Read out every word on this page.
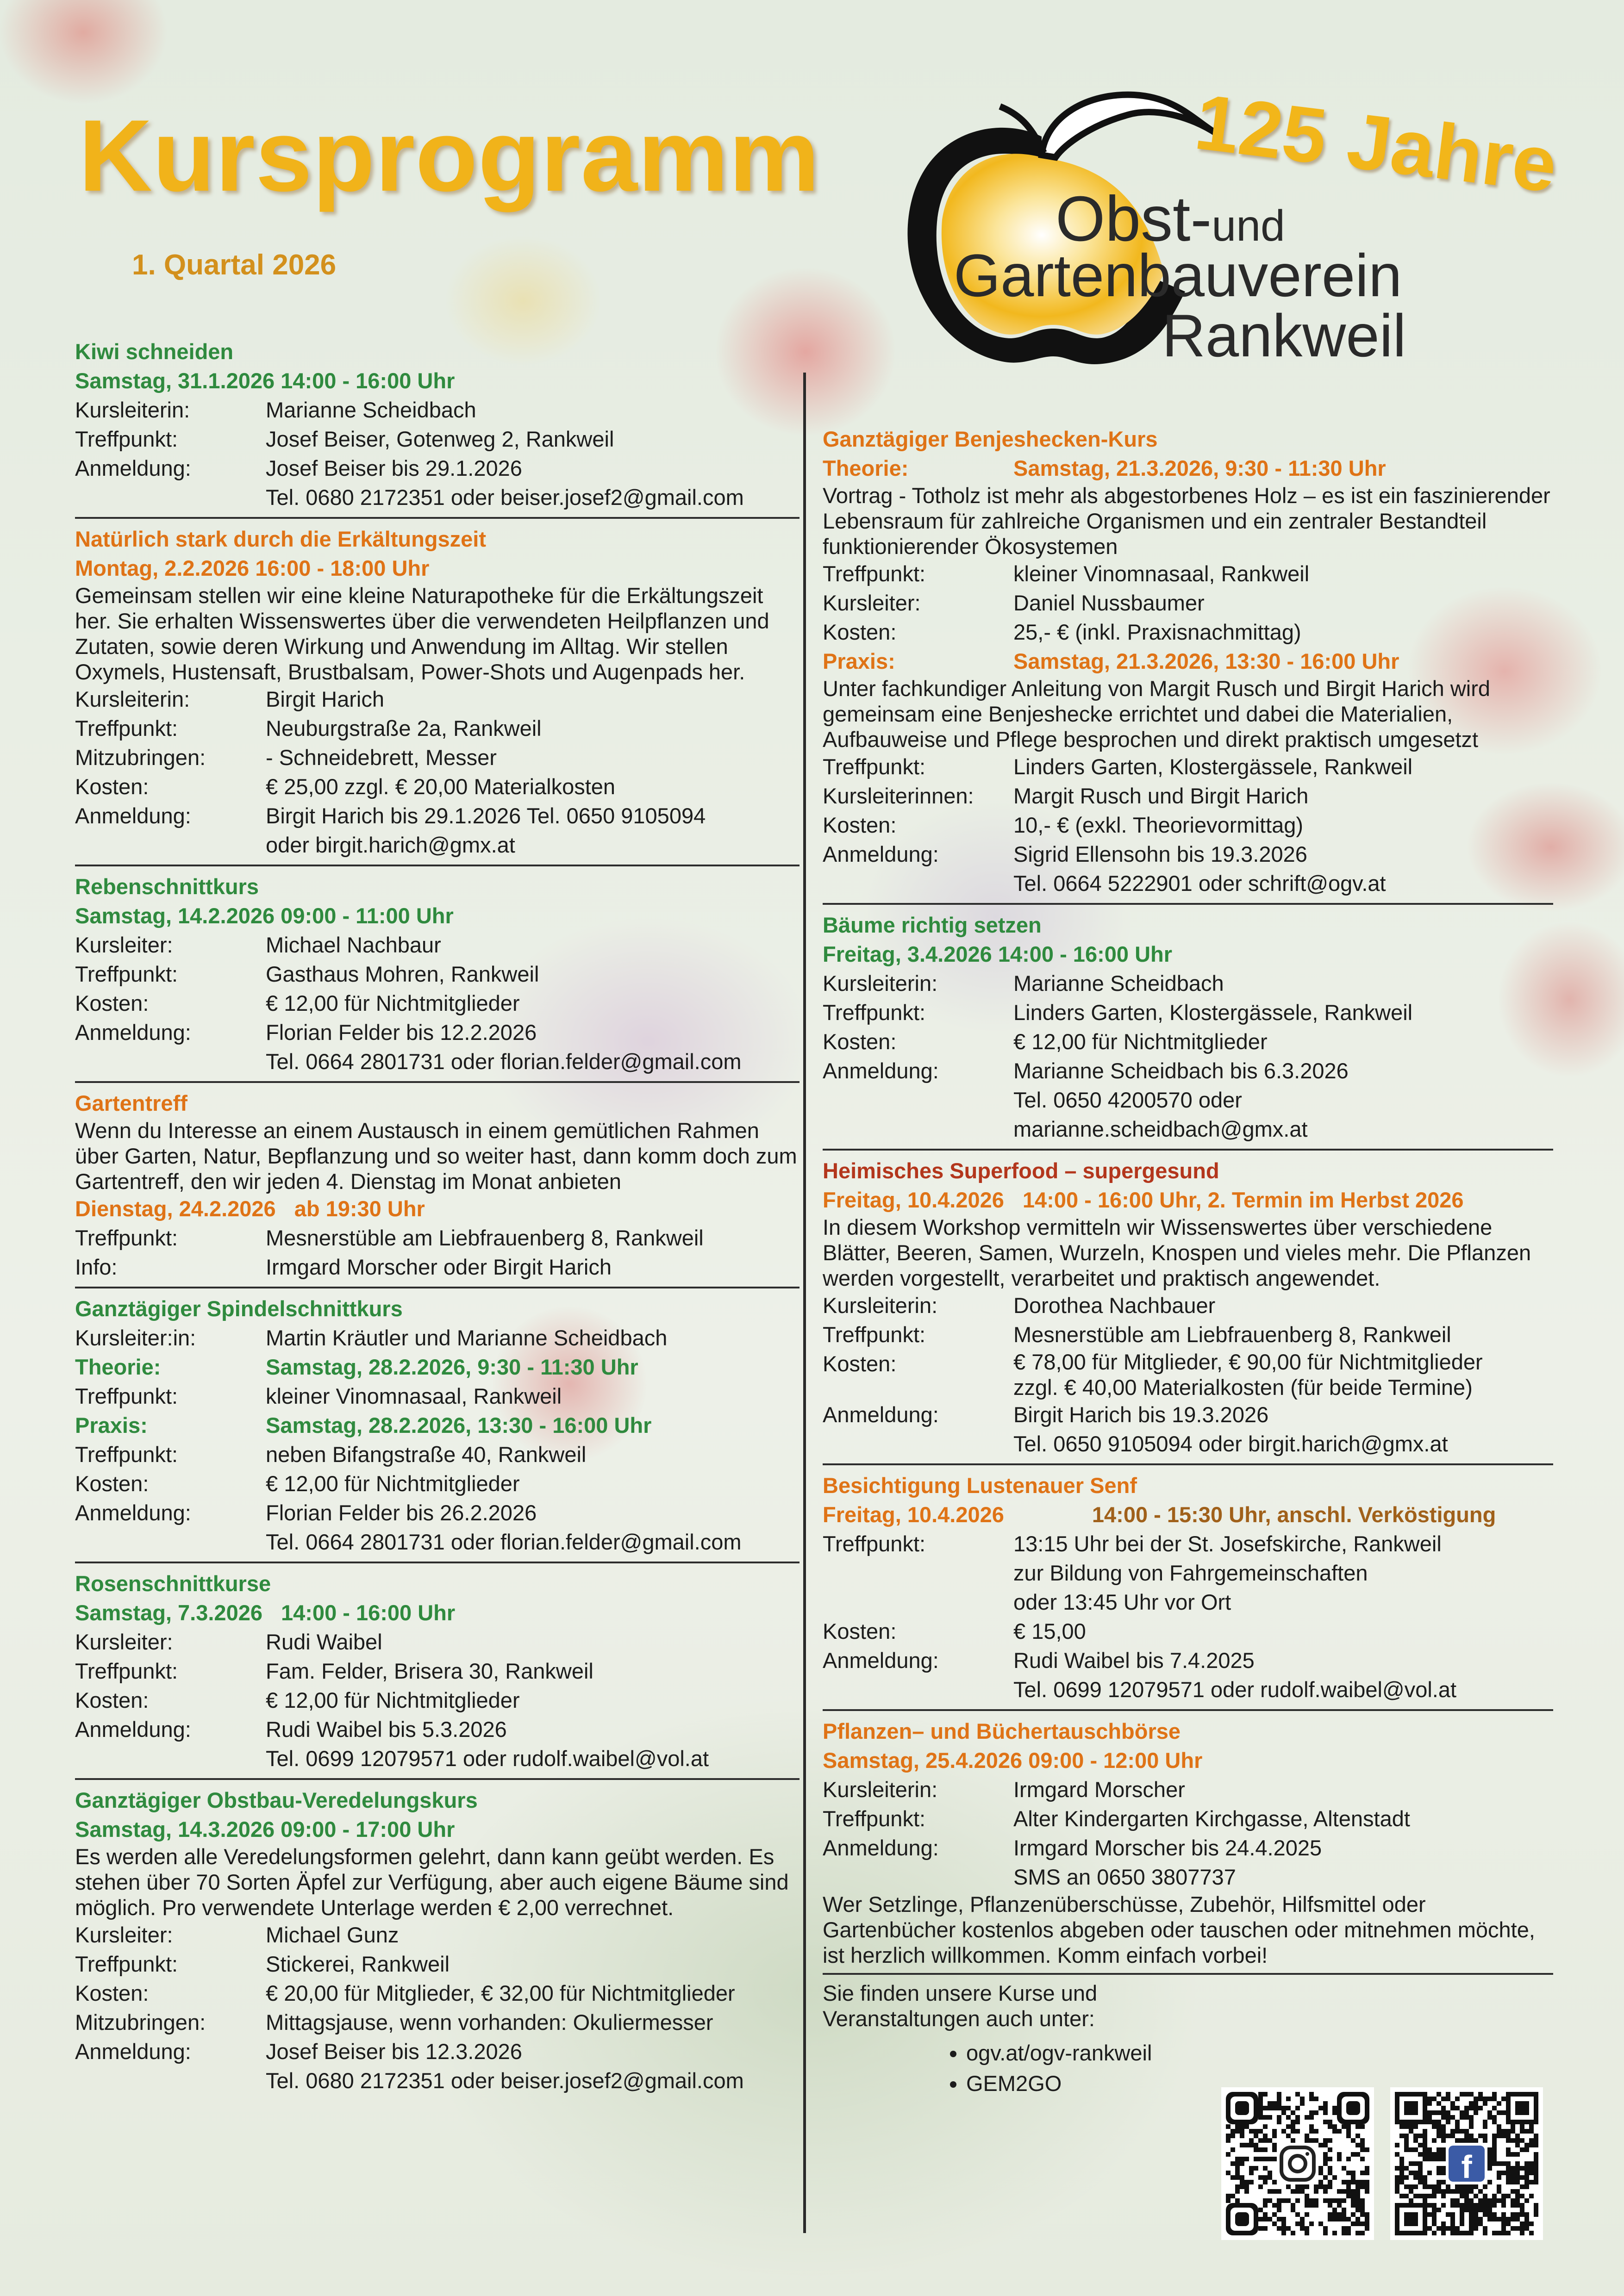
Kursprogramm
1. Quartal 2026
Obst-und
Gartenbauverein
Rankweil
125 Jahre
Kiwi schneiden
Samstag, 31.1.2026 14:00 - 16:00 Uhr
Kursleiterin:	Marianne Scheidbach
Treffpunkt:	Josef Beiser, Gotenweg 2, Rankweil
Anmeldung:	Josef Beiser bis 29.1.2026
Tel. 0680 2172351 oder beiser.josef2@gmail.com
Natürlich stark durch die Erkältungszeit
Montag, 2.2.2026 16:00 - 18:00 Uhr
Gemeinsam stellen wir eine kleine Naturapotheke für die Erkältungszeit her. Sie erhalten Wissenswertes über die verwendeten Heilpflanzen und Zutaten, sowie deren Wirkung und Anwendung im Alltag. Wir stellen Oxymels, Hustensaft, Brustbalsam, Power-Shots und Augenpads her.
Kursleiterin:	Birgit Harich
Treffpunkt:	Neuburgstraße 2a, Rankweil
Mitzubringen:	- Schneidebrett, Messer
Kosten:	€ 25,00 zzgl. € 20,00 Materialkosten
Anmeldung:	Birgit Harich bis 29.1.2026 Tel. 0650 9105094
oder birgit.harich@gmx.at
Rebenschnittkurs
Samstag, 14.2.2026 09:00 - 11:00 Uhr
Kursleiter:	Michael Nachbaur
Treffpunkt:	Gasthaus Mohren, Rankweil
Kosten:	€ 12,00 für Nichtmitglieder
Anmeldung:	Florian Felder bis 12.2.2026
Tel. 0664 2801731 oder florian.felder@gmail.com
Gartentreff
Wenn du Interesse an einem Austausch in einem gemütlichen Rahmen über Garten, Natur, Bepflanzung und so weiter hast, dann komm doch zum Gartentreff, den wir jeden 4. Dienstag im Monat anbieten
Dienstag, 24.2.2026 ab 19:30 Uhr
Treffpunkt:	Mesnerstüble am Liebfrauenberg 8, Rankweil
Info:	Irmgard Morscher oder Birgit Harich
Ganztägiger Spindelschnittkurs
Kursleiter:in:	Martin Kräutler und Marianne Scheidbach
Theorie:	Samstag, 28.2.2026, 9:30 - 11:30 Uhr
Treffpunkt:	kleiner Vinomnasaal, Rankweil
Praxis:	Samstag, 28.2.2026, 13:30 - 16:00 Uhr
Treffpunkt:	neben Bifangstraße 40, Rankweil
Kosten:	€ 12,00 für Nichtmitglieder
Anmeldung:	Florian Felder bis 26.2.2026
Tel. 0664 2801731 oder florian.felder@gmail.com
Rosenschnittkurse
Samstag, 7.3.2026 14:00 - 16:00 Uhr
Kursleiter:	Rudi Waibel
Treffpunkt:	Fam. Felder, Brisera 30, Rankweil
Kosten:	€ 12,00 für Nichtmitglieder
Anmeldung:	Rudi Waibel bis 5.3.2026
Tel. 0699 12079571 oder rudolf.waibel@vol.at
Ganztägiger Obstbau-Veredelungskurs
Samstag, 14.3.2026 09:00 - 17:00 Uhr
Es werden alle Veredelungsformen gelehrt, dann kann geübt werden. Es stehen über 70 Sorten Äpfel zur Verfügung, aber auch eigene Bäume sind möglich. Pro verwendete Unterlage werden € 2,00 verrechnet.
Kursleiter:	Michael Gunz
Treffpunkt:	Stickerei, Rankweil
Kosten:	€ 20,00 für Mitglieder, € 32,00 für Nichtmitglieder
Mitzubringen:	Mittagsjause, wenn vorhanden: Okuliermesser
Anmeldung:	Josef Beiser bis 12.3.2026
Tel. 0680 2172351 oder beiser.josef2@gmail.com
Ganztägiger Benjeshecken-Kurs
Theorie:	Samstag, 21.3.2026, 9:30 - 11:30 Uhr
Vortrag - Totholz ist mehr als abgestorbenes Holz – es ist ein faszinierender Lebensraum für zahlreiche Organismen und ein zentraler Bestandteil funktionierender Ökosystemen
Treffpunkt:	kleiner Vinomnasaal, Rankweil
Kursleiter:	Daniel Nussbaumer
Kosten:	25,- € (inkl. Praxisnachmittag)
Praxis:	Samstag, 21.3.2026, 13:30 - 16:00 Uhr
Unter fachkundiger Anleitung von Margit Rusch und Birgit Harich wird gemeinsam eine Benjeshecke errichtet und dabei die Materialien, Aufbauweise und Pflege besprochen und direkt praktisch umgesetzt
Treffpunkt:	Linders Garten, Klostergässele, Rankweil
Kursleiterinnen:	Margit Rusch und Birgit Harich
Kosten:	10,- € (exkl. Theorievormittag)
Anmeldung:	Sigrid Ellensohn bis 19.3.2026
Tel. 0664 5222901 oder schrift@ogv.at
Bäume richtig setzen
Freitag, 3.4.2026 14:00 - 16:00 Uhr
Kursleiterin:	Marianne Scheidbach
Treffpunkt:	Linders Garten, Klostergässele, Rankweil
Kosten:	€ 12,00 für Nichtmitglieder
Anmeldung:	Marianne Scheidbach bis 6.3.2026
Tel. 0650 4200570 oder
marianne.scheidbach@gmx.at
Heimisches Superfood – supergesund
Freitag, 10.4.2026 14:00 - 16:00 Uhr, 2. Termin im Herbst 2026
In diesem Workshop vermitteln wir Wissenswertes über verschiedene Blätter, Beeren, Samen, Wurzeln, Knospen und vieles mehr. Die Pflanzen werden vorgestellt, verarbeitet und praktisch angewendet.
Kursleiterin:	Dorothea Nachbauer
Treffpunkt:	Mesnerstüble am Liebfrauenberg 8, Rankweil
Kosten:	€ 78,00 für Mitglieder, € 90,00 für Nichtmitglieder
zzgl. € 40,00 Materialkosten (für beide Termine)
Anmeldung:	Birgit Harich bis 19.3.2026
Tel. 0650 9105094 oder birgit.harich@gmx.at
Besichtigung Lustenauer Senf
Freitag, 10.4.2026	14:00 - 15:30 Uhr, anschl. Verköstigung
Treffpunkt:	13:15 Uhr bei der St. Josefskirche, Rankweil
zur Bildung von Fahrgemeinschaften
oder 13:45 Uhr vor Ort
Kosten:	€ 15,00
Anmeldung:	Rudi Waibel bis 7.4.2025
Tel. 0699 12079571 oder rudolf.waibel@vol.at
Pflanzen– und Büchertauschbörse
Samstag, 25.4.2026 09:00 - 12:00 Uhr
Kursleiterin:	Irmgard Morscher
Treffpunkt:	Alter Kindergarten Kirchgasse, Altenstadt
Anmeldung:	Irmgard Morscher bis 24.4.2025
SMS an 0650 3807737
Wer Setzlinge, Pflanzenüberschüsse, Zubehör, Hilfsmittel oder Gartenbücher kostenlos abgeben oder tauschen oder mitnehmen möchte, ist herzlich willkommen. Komm einfach vorbei!
Sie finden unsere Kurse und Veranstaltungen auch unter:
• ogv.at/ogv-rankweil
• GEM2GO
f
